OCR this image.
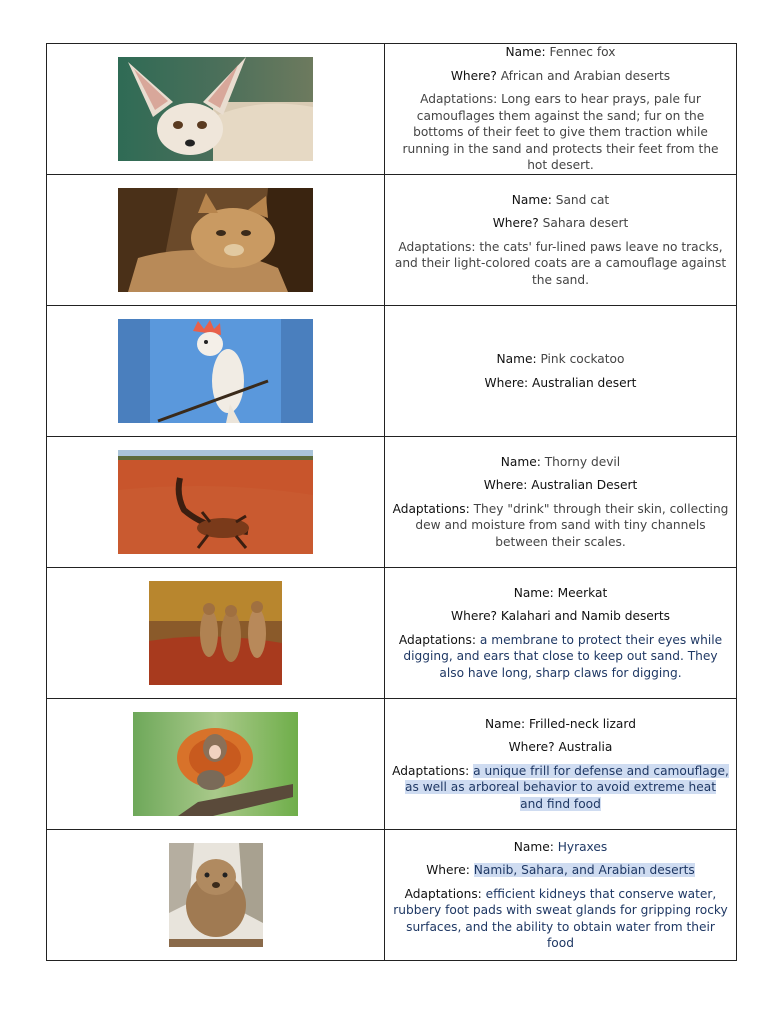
Name: Fennec fox

Where? African and Arabian deserts

Adaptations: Long ears to hear prays, pale fur camouflages them against the sand; fur on the bottoms of their feet to give them traction while running in the sand and protects their feet from the hot desert.

Name: Sand cat

Where? Sahara desert

Adaptations: the cats' fur-lined paws leave no tracks, and their light-colored coats are a camouflage against the sand.

Name: Pink cockatoo

Where: Australian desert

Name: Thorny devil

Where: Australian Desert

Adaptations: They "drink" through their skin, collecting dew and moisture from sand with tiny channels between their scales.

Name: Meerkat

Where? Kalahari and Namib deserts

Adaptations: a membrane to protect their eyes while digging, and ears that close to keep out sand. They also have long, sharp claws for digging.

Name: Frilled-neck lizard

Where? Australia

Adaptations: a unique frill for defense and camouflage, as well as arboreal behavior to avoid extreme heat and find food

Name: Hyraxes

Where: Namib, Sahara, and Arabian deserts

Adaptations: efficient kidneys that conserve water, rubbery foot pads with sweat glands for gripping rocky surfaces, and the ability to obtain water from their food
